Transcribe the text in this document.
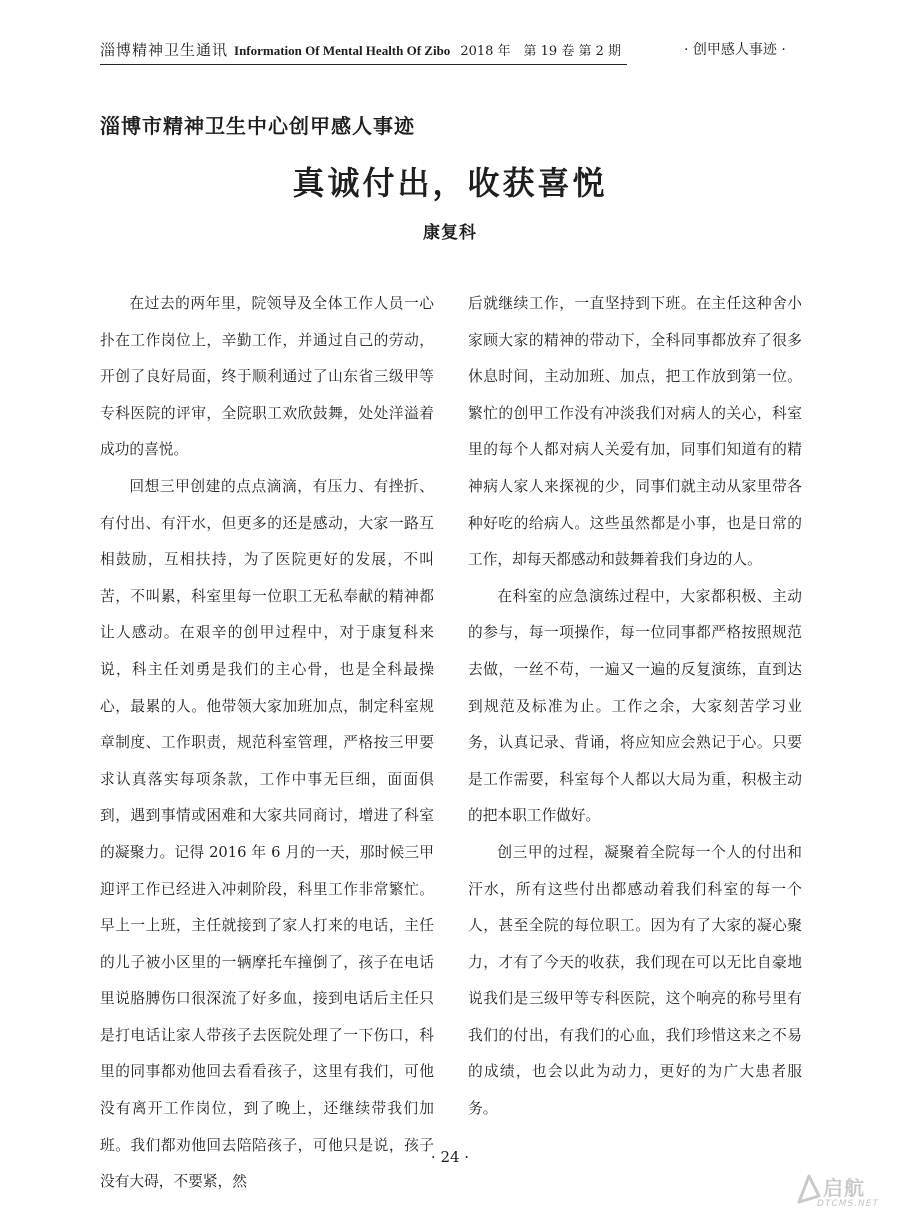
淄博精神卫生通讯 Information Of Mental Health Of Zibo 2018 年　第 19 卷 第 2 期	· 创甲感人事迹 ·
淄博市精神卫生中心创甲感人事迹
真诚付出，收获喜悦
康复科

在过去的两年里，院领导及全体工作人员一心扑在工作岗位上，辛勤工作，并通过自己的劳动，开创了良好局面，终于顺利通过了山东省三级甲等专科医院的评审，全院职工欢欣鼓舞，处处洋溢着成功的喜悦。

回想三甲创建的点点滴滴，有压力、有挫折、有付出、有汗水，但更多的还是感动，大家一路互相鼓励，互相扶持，为了医院更好的发展，不叫苦，不叫累，科室里每一位职工无私奉献的精神都让人感动。在艰辛的创甲过程中，对于康复科来说，科主任刘勇是我们的主心骨，也是全科最操心，最累的人。他带领大家加班加点，制定科室规章制度、工作职责，规范科室管理，严格按三甲要求认真落实每项条款，工作中事无巨细，面面俱到，遇到事情或困难和大家共同商讨，增进了科室的凝聚力。记得 2016 年 6 月的一天，那时候三甲迎评工作已经进入冲刺阶段，科里工作非常繁忙。早上一上班，主任就接到了家人打来的电话，主任的儿子被小区里的一辆摩托车撞倒了，孩子在电话里说胳膊伤口很深流了好多血，接到电话后主任只是打电话让家人带孩子去医院处理了一下伤口，科里的同事都劝他回去看看孩子，这里有我们，可他没有离开工作岗位，到了晚上，还继续带我们加班。我们都劝他回去陪陪孩子，可他只是说，孩子没有大碍，不要紧，然

后就继续工作，一直坚持到下班。在主任这种舍小家顾大家的精神的带动下，全科同事都放弃了很多休息时间，主动加班、加点，把工作放到第一位。繁忙的创甲工作没有冲淡我们对病人的关心，科室里的每个人都对病人关爱有加，同事们知道有的精神病人家人来探视的少，同事们就主动从家里带各种好吃的给病人。这些虽然都是小事，也是日常的工作，却每天都感动和鼓舞着我们身边的人。

在科室的应急演练过程中，大家都积极、主动的参与，每一项操作，每一位同事都严格按照规范去做，一丝不苟，一遍又一遍的反复演练，直到达到规范及标准为止。工作之余，大家刻苦学习业务，认真记录、背诵，将应知应会熟记于心。只要是工作需要，科室每个人都以大局为重，积极主动的把本职工作做好。

创三甲的过程，凝聚着全院每一个人的付出和汗水，所有这些付出都感动着我们科室的每一个人，甚至全院的每位职工。因为有了大家的凝心聚力，才有了今天的收获，我们现在可以无比自豪地说我们是三级甲等专科医院，这个响亮的称号里有我们的付出，有我们的心血，我们珍惜这来之不易的成绩，也会以此为动力，更好的为广大患者服务。

· 24 ·
启航
DTCMS.NET
